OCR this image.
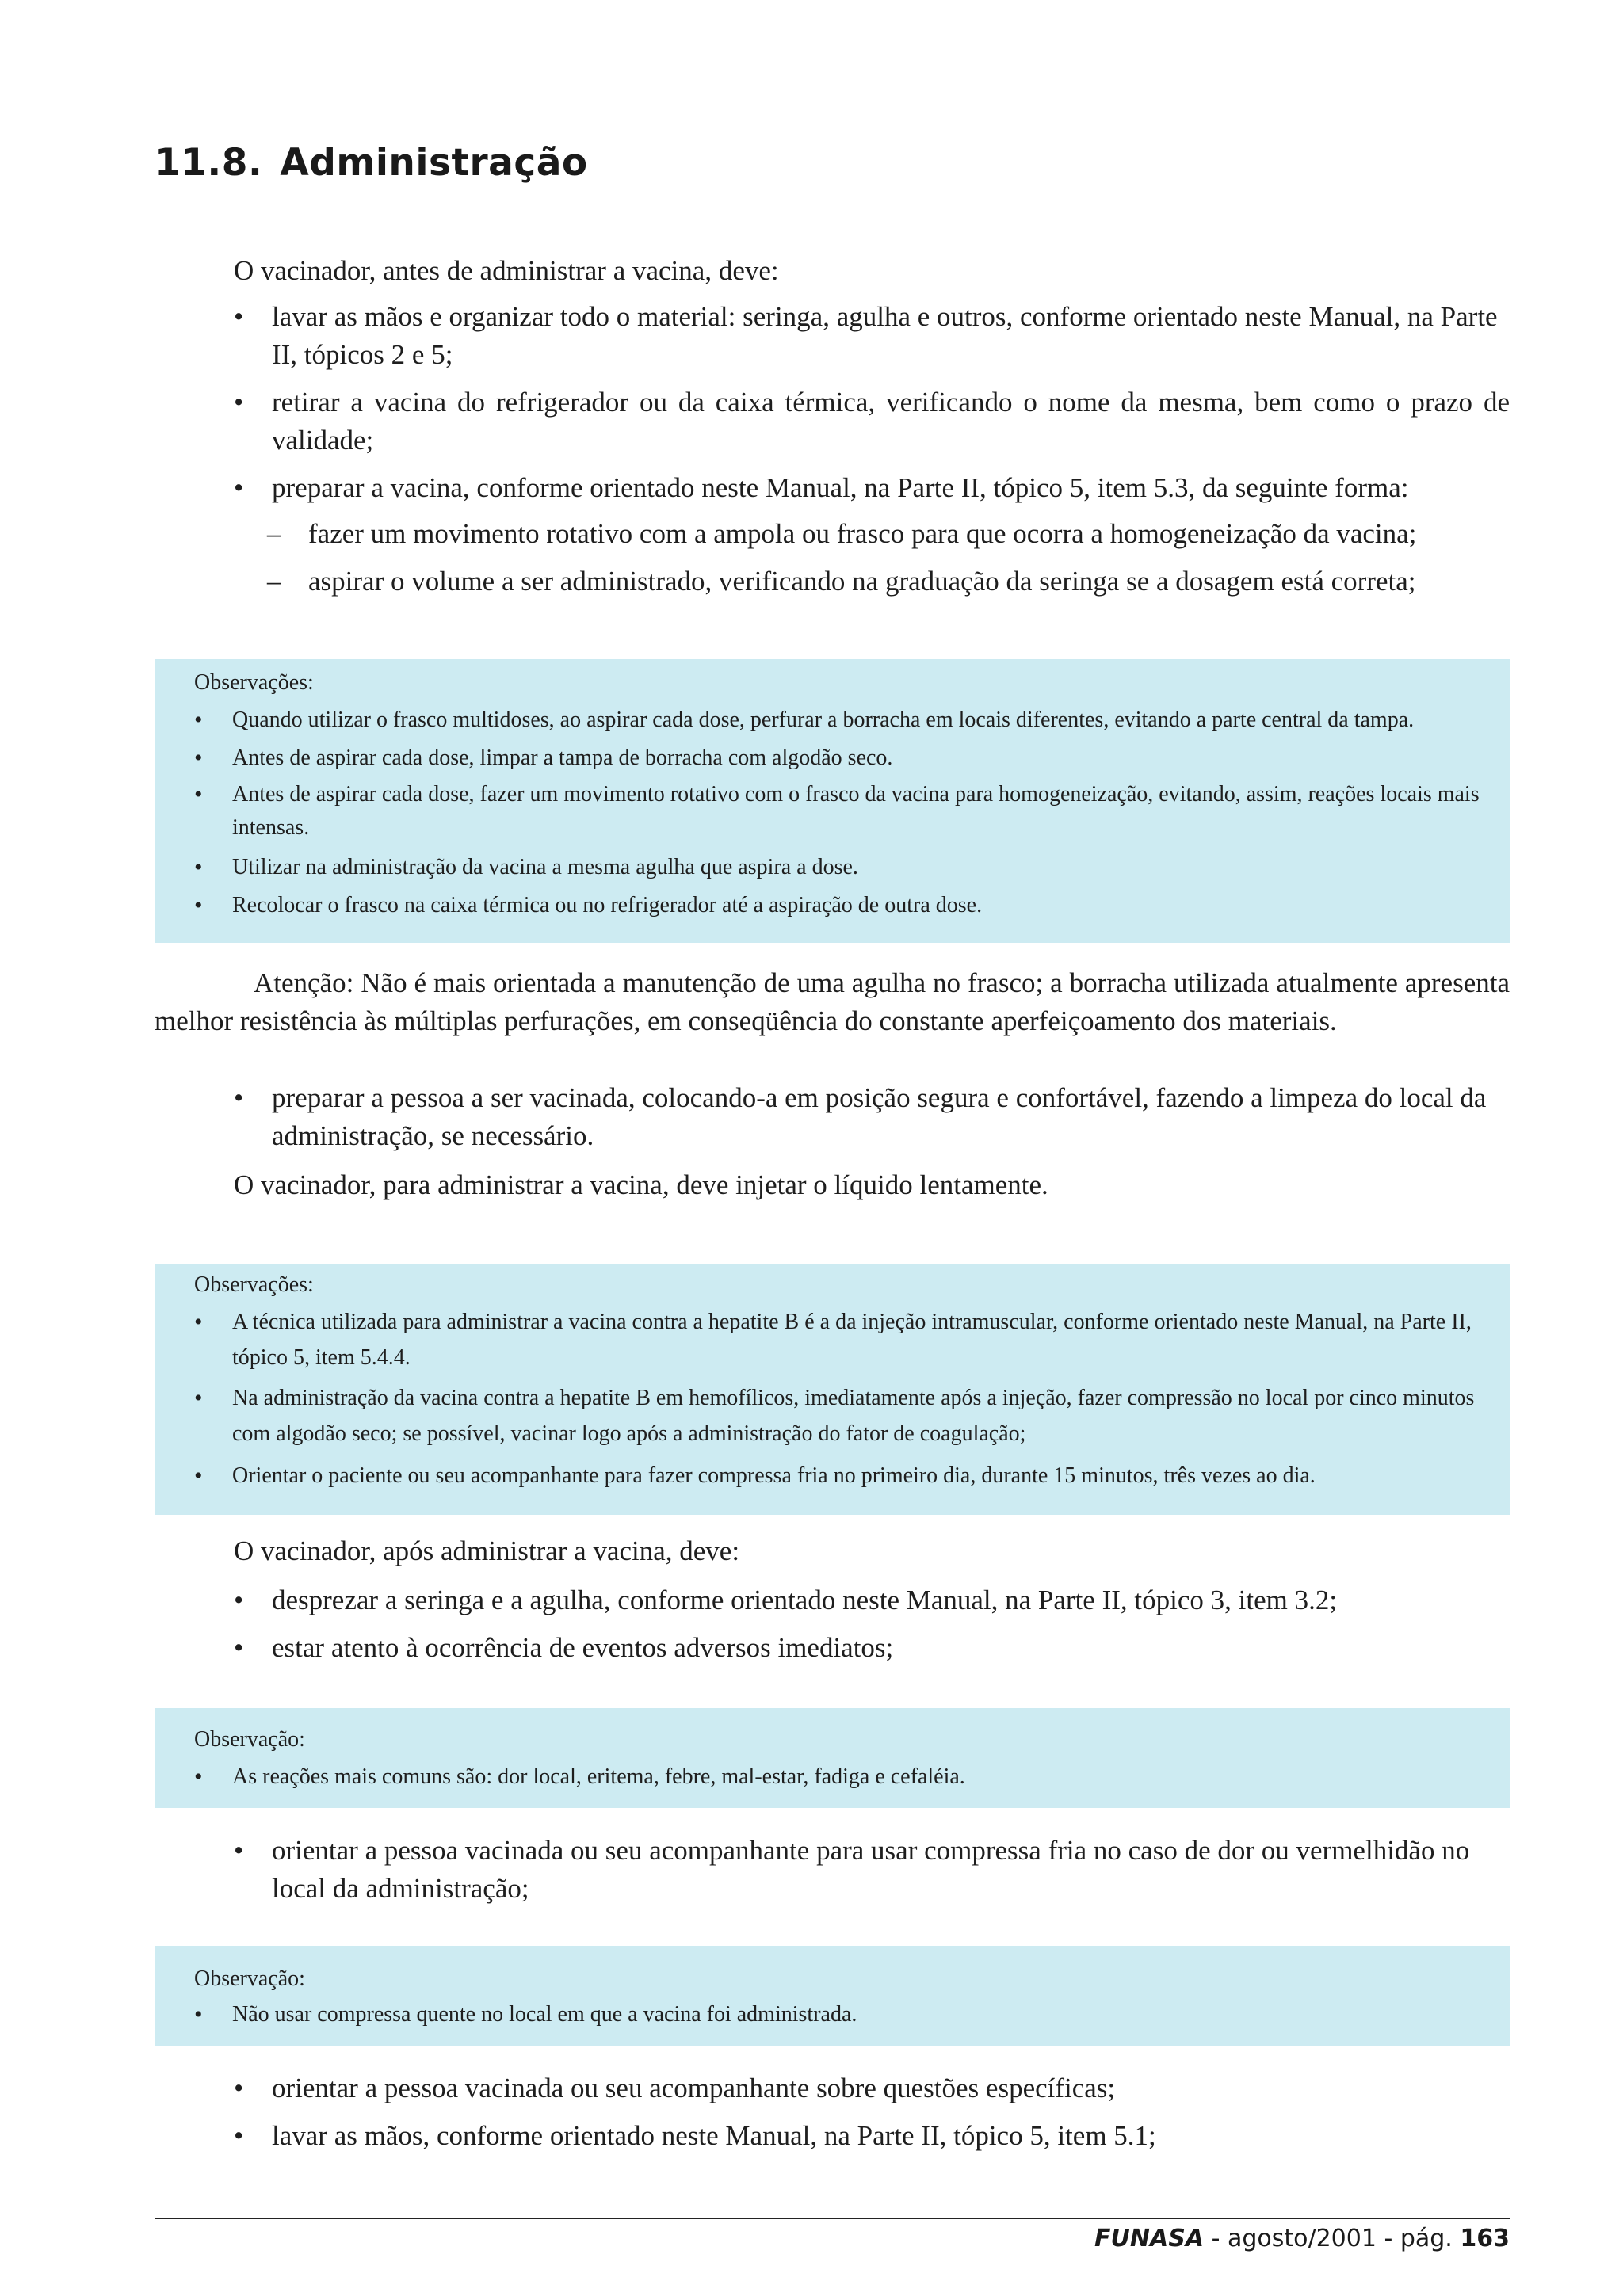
11.8. Administração

O vacinador, antes de administrar a vacina, deve:

•	lavar as mãos e organizar todo o material: seringa, agulha e outros, conforme orientado neste Manual, na Parte II, tópicos 2 e 5;
•	retirar a vacina do refrigerador ou da caixa térmica, verificando o nome da mesma, bem como o prazo de validade;
•	preparar a vacina, conforme orientado neste Manual, na Parte II, tópico 5, item 5.3, da seguinte forma:
– fazer um movimento rotativo com a ampola ou frasco para que ocorra a homogeneização da vacina;
– aspirar o volume a ser administrado, verificando na graduação da seringa se a dosagem está correta;
Observações:
•	Quando utilizar o frasco multidoses, ao aspirar cada dose, perfurar a borracha em locais diferentes, evitando a parte central da tampa.
•	Antes de aspirar cada dose, limpar a tampa de borracha com algodão seco.
•	Antes de aspirar cada dose, fazer um movimento rotativo com o frasco da vacina para homogeneização, evitando, assim, reações locais mais intensas.
•	Utilizar na administração da vacina a mesma agulha que aspira a dose.
•	Recolocar o frasco na caixa térmica ou no refrigerador até a aspiração de outra dose.

Atenção: Não é mais orientada a manutenção de uma agulha no frasco; a borracha utilizada atualmente apresenta melhor resistência às múltiplas perfurações, em conseqüência do constante aperfeiçoamento dos materiais.

•	preparar a pessoa a ser vacinada, colocando-a em posição segura e confortável, fazendo a limpeza do local da administração, se necessário.

O vacinador, para administrar a vacina, deve injetar o líquido lentamente.

Observações:
•	A técnica utilizada para administrar a vacina contra a hepatite B é a da injeção intramuscular, conforme orientado neste Manual, na Parte II, tópico 5, item 5.4.4.
•	Na administração da vacina contra a hepatite B em hemofílicos, imediatamente após a injeção, fazer compressão no local por cinco minutos com algodão seco; se possível, vacinar logo após a administração do fator de coagulação;
•	Orientar o paciente ou seu acompanhante para fazer compressa fria no primeiro dia, durante 15 minutos, três vezes ao dia.

O vacinador, após administrar a vacina, deve:

•	desprezar a seringa e a agulha, conforme orientado neste Manual, na Parte II, tópico 3, item 3.2;
•	estar atento à ocorrência de eventos adversos imediatos;
Observação:
•	As reações mais comuns são: dor local, eritema, febre, mal-estar, fadiga e cefaléia.
•	orientar a pessoa vacinada ou seu acompanhante para usar compressa fria no caso de dor ou vermelhidão no local da administração;
Observação:
•	Não usar compressa quente no local em que a vacina foi administrada.
•	orientar a pessoa vacinada ou seu acompanhante sobre questões específicas;
•	lavar as mãos, conforme orientado neste Manual, na Parte II, tópico 5, item 5.1;
FUNASA - agosto/2001 - pág. 163
